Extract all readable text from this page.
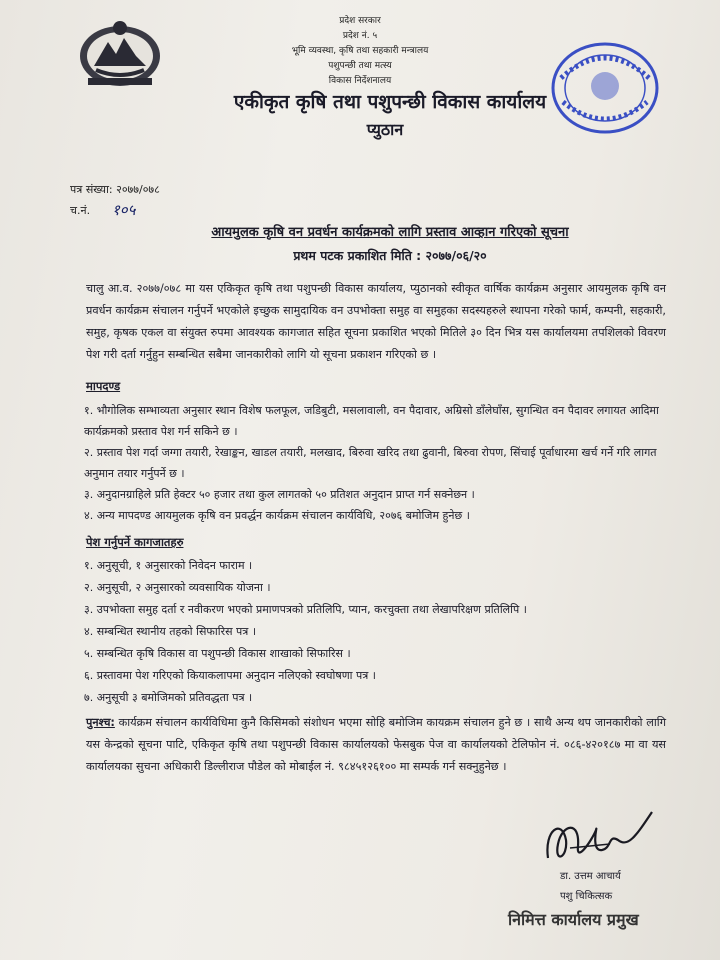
प्रदेश सरकार
प्रदेश नं. ५
भूमि व्यवस्था, कृषि तथा सहकारी मन्त्रालय
पशुपन्छी तथा मत्स्य
विकास निर्देशनालय
एकीकृत कृषि तथा पशुपन्छी विकास कार्यालय
प्युठान
पत्र संख्या: २०७७/०७८
च.नं. १०५
आयमुलक कृषि वन प्रवर्धन कार्यक्रमको लागि प्रस्ताव आव्हान गरिएको सूचना
प्रथम पटक प्रकाशित मिति : २०७७/०६/२०
चालु आ.व. २०७७/०७८ मा यस एकिकृत कृषि तथा पशुपन्छी विकास कार्यालय, प्युठानको स्वीकृत वार्षिक कार्यक्रम अनुसार आयमुलक कृषि वन प्रवर्धन कार्यक्रम संचालन गर्नुपर्ने भएकोले इच्छुक सामुदायिक वन उपभोक्ता समुह वा समुहका सदस्यहरुले स्थापना गरेको फार्म, कम्पनी, सहकारी, समुह, कृषक एकल वा संयुक्त रुपमा आवश्यक कागजात सहित सूचना प्रकाशित भएको मितिले ३० दिन भित्र यस कार्यालयमा तपशिलको विवरण पेश गरी दर्ता गर्नुहुन सम्बन्धित सबैमा जानकारीको लागि यो सूचना प्रकाशन गरिएको छ ।
मापदण्ड
१. भौगोलिक सम्भाव्यता अनुसार स्थान विशेष फलफूल, जडिबुटी, मसलावाली, वन पैदावार, अम्रिसो डाँलेघाँस, सुगन्धित वन पैदावर लगायत आदिमा कार्यक्रमको प्रस्ताव पेश गर्न सकिने छ ।
२. प्रस्ताव पेश गर्दा जग्गा तयारी, रेखाङ्कन, खाडल तयारी, मलखाद, बिरुवा खरिद तथा ढुवानी, बिरुवा रोपण, सिंचाई पूर्वाधारमा खर्च गर्ने गरि लागत अनुमान तयार गर्नुपर्ने छ ।
३. अनुदानग्राहिले प्रति हेक्टर ५० हजार तथा कुल लागतको ५० प्रतिशत अनुदान प्राप्त गर्न सक्नेछन ।
४. अन्य मापदण्ड आयमुलक कृषि वन प्रवर्द्धन कार्यक्रम संचालन कार्यविधि, २०७६ बमोजिम हुनेछ ।
पेश गर्नुपर्ने कागजातहरु
१. अनुसूची, १ अनुसारको निवेदन फाराम ।
२. अनुसूची, २ अनुसारको व्यवसायिक योजना ।
३. उपभोक्ता समुह दर्ता र नवीकरण भएको प्रमाणपत्रको प्रतिलिपि, प्यान, करचुक्ता तथा लेखापरिक्षण प्रतिलिपि ।
४. सम्बन्धित स्थानीय तहको सिफारिस पत्र ।
५. सम्बन्धित कृषि विकास वा पशुपन्छी विकास शाखाको सिफारिस ।
६. प्रस्तावमा पेश गरिएको कियाकलापमा अनुदान नलिएको स्वघोषणा पत्र ।
७. अनुसूची ३ बमोजिमको प्रतिवद्धता पत्र ।
पुनश्च: कार्यक्रम संचालन कार्यविधिमा कुनै किसिमको संशोधन भएमा सोहि बमोजिम कायक्रम संचालन हुने छ । साथै अन्य थप जानकारीको लागि यस केन्द्रको सूचना पाटि, एकिकृत कृषि तथा पशुपन्छी विकास कार्यालयको फेसबुक पेज वा कार्यालयको टेलिफोन नं. ०८६-४२०१८७ मा वा यस कार्यालयका सुचना अधिकारी डिल्लीराज पौडेल को मोबाईल नं. ९८४५१२६१०० मा सम्पर्क गर्न सक्नुहुनेछ ।
डा. उत्तम आचार्य
पशु चिकित्सक
निमित्त कार्यालय प्रमुख
